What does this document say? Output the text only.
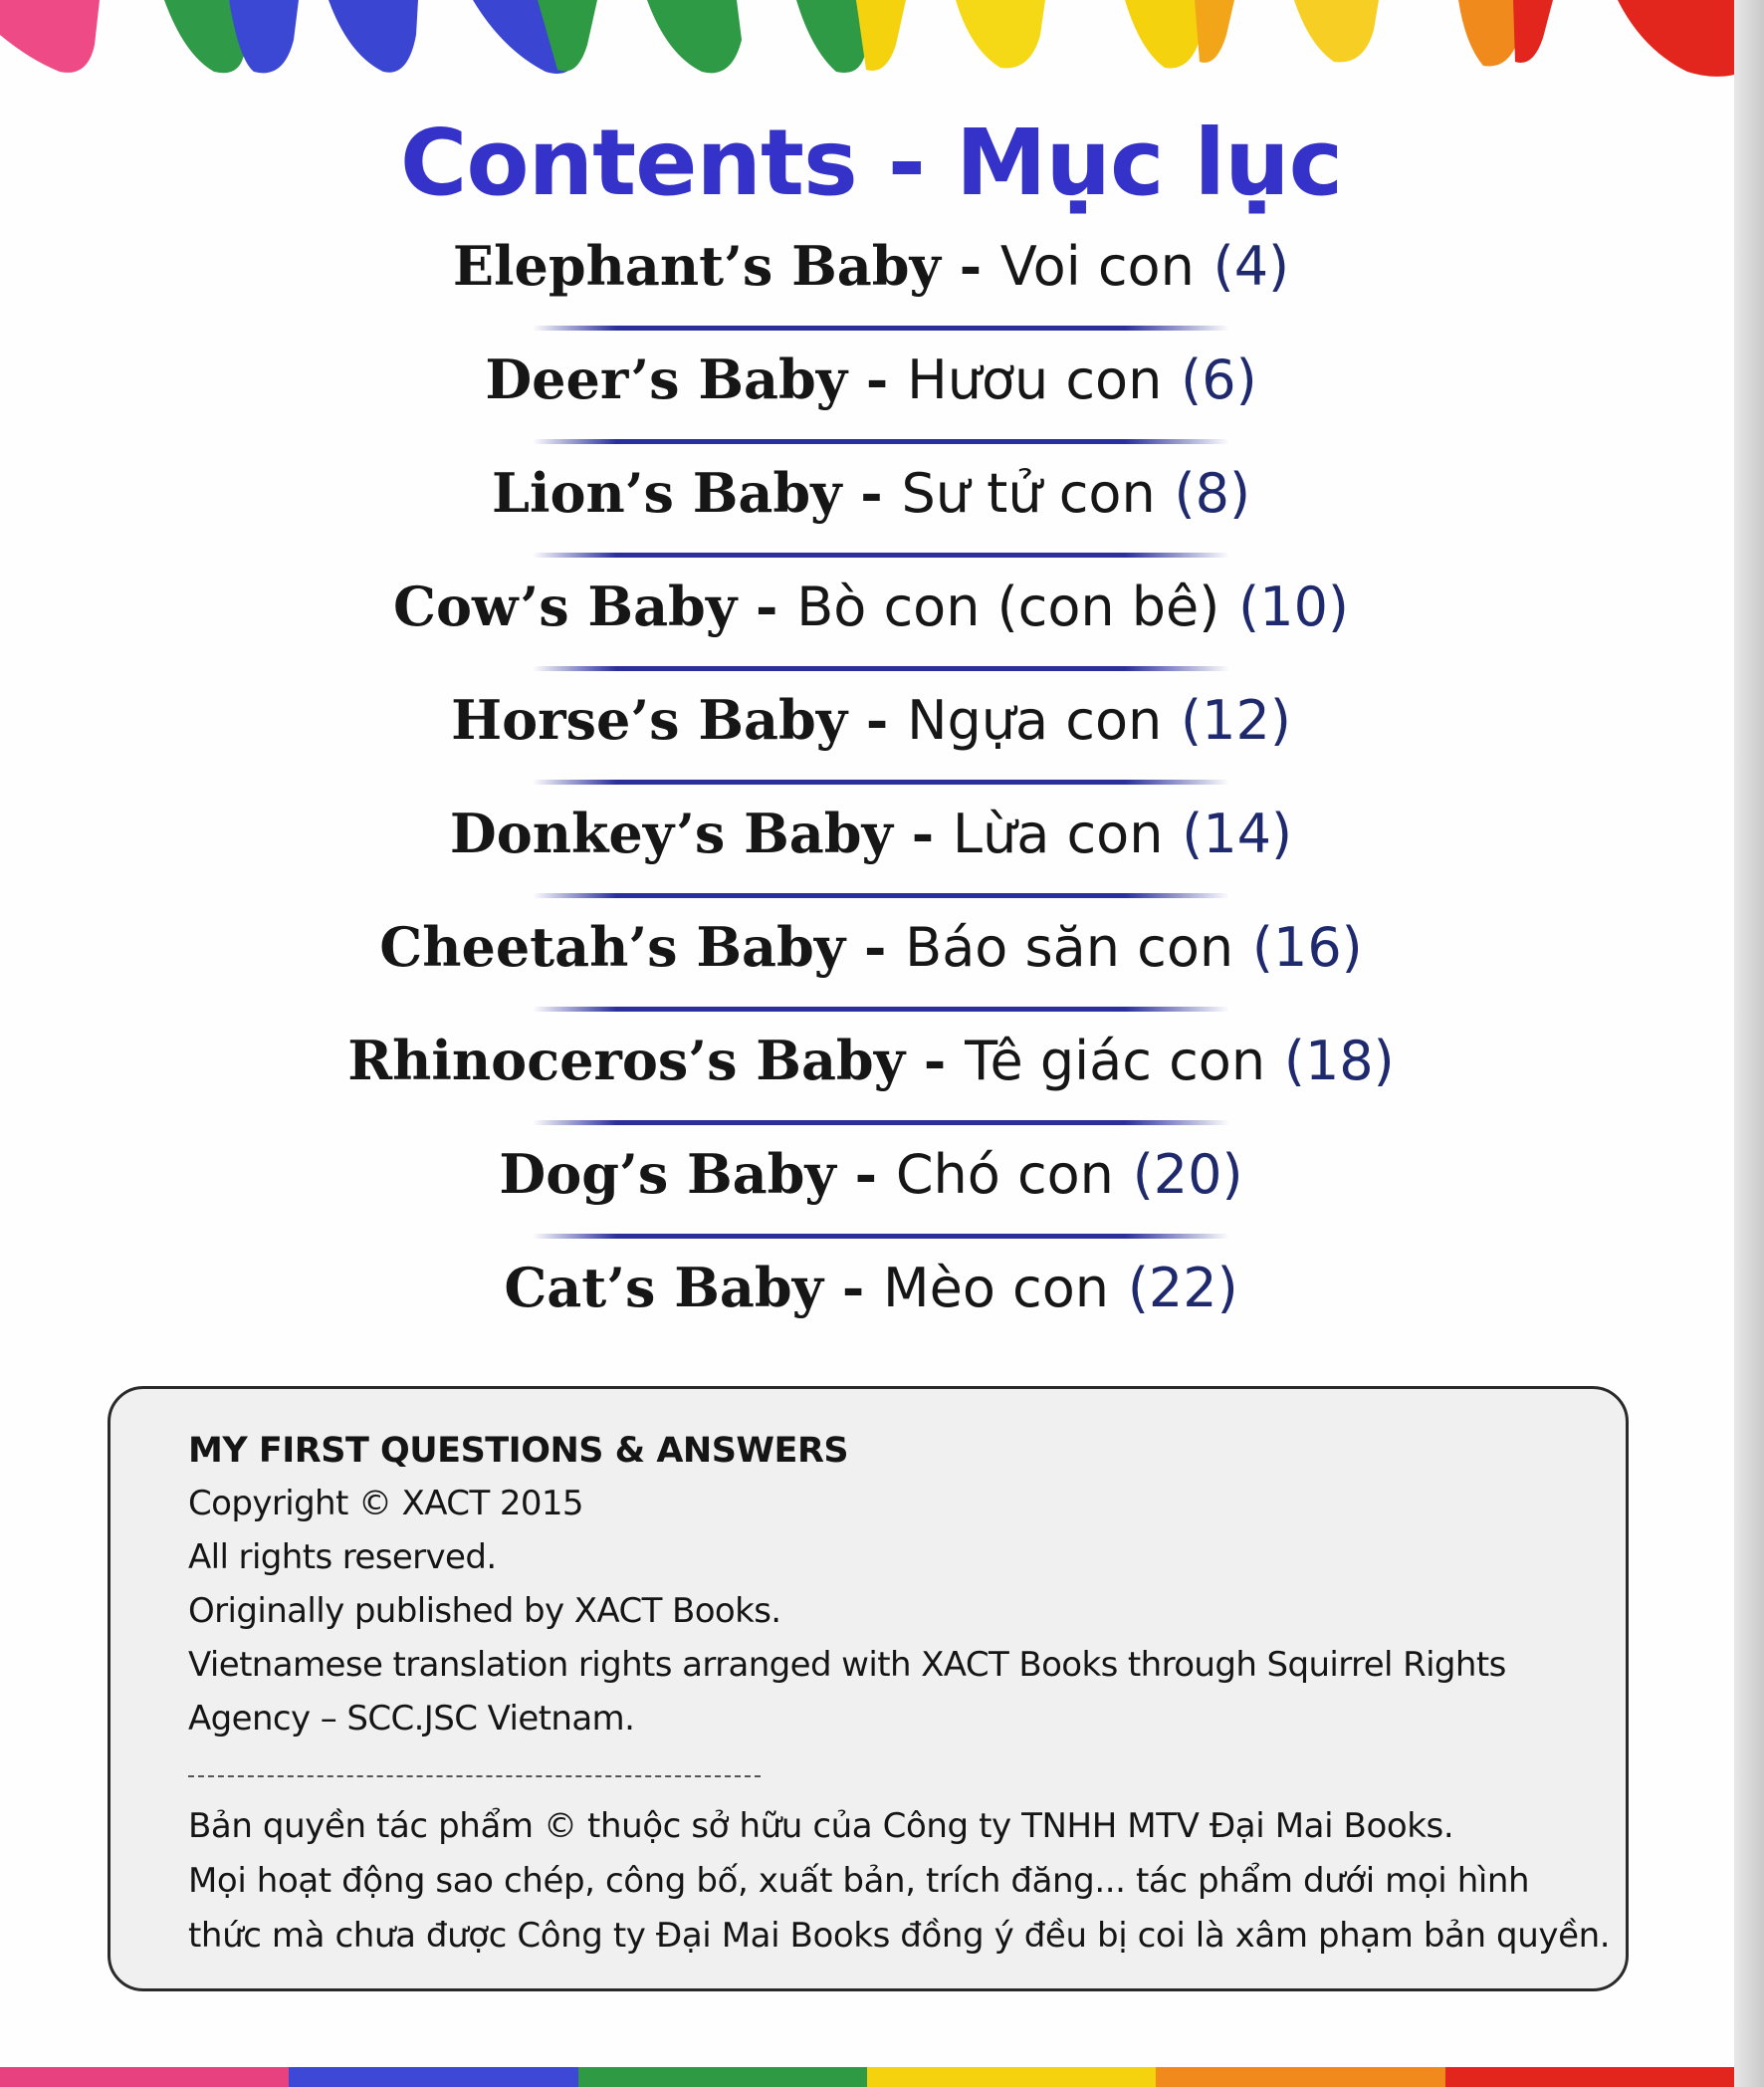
Contents - Mục lục
Elephant’s Baby - Voi con (4)
Deer’s Baby - Hươu con (6)
Lion’s Baby - Sư tử con (8)
Cow’s Baby - Bò con (con bê) (10)
Horse’s Baby - Ngựa con (12)
Donkey’s Baby - Lừa con (14)
Cheetah’s Baby - Báo săn con (16)
Rhinoceros’s Baby - Tê giác con (18)
Dog’s Baby - Chó con (20)
Cat’s Baby - Mèo con (22)
MY FIRST QUESTIONS & ANSWERS
Copyright © XACT 2015
All rights reserved.
Originally published by XACT Books.
Vietnamese translation rights arranged with XACT Books through Squirrel Rights
Agency – SCC.JSC Vietnam.
Bản quyền tác phẩm © thuộc sở hữu của Công ty TNHH MTV Đại Mai Books.
Mọi hoạt động sao chép, công bố, xuất bản, trích đăng... tác phẩm dưới mọi hình
thức mà chưa được Công ty Đại Mai Books đồng ý đều bị coi là xâm phạm bản quyền.
